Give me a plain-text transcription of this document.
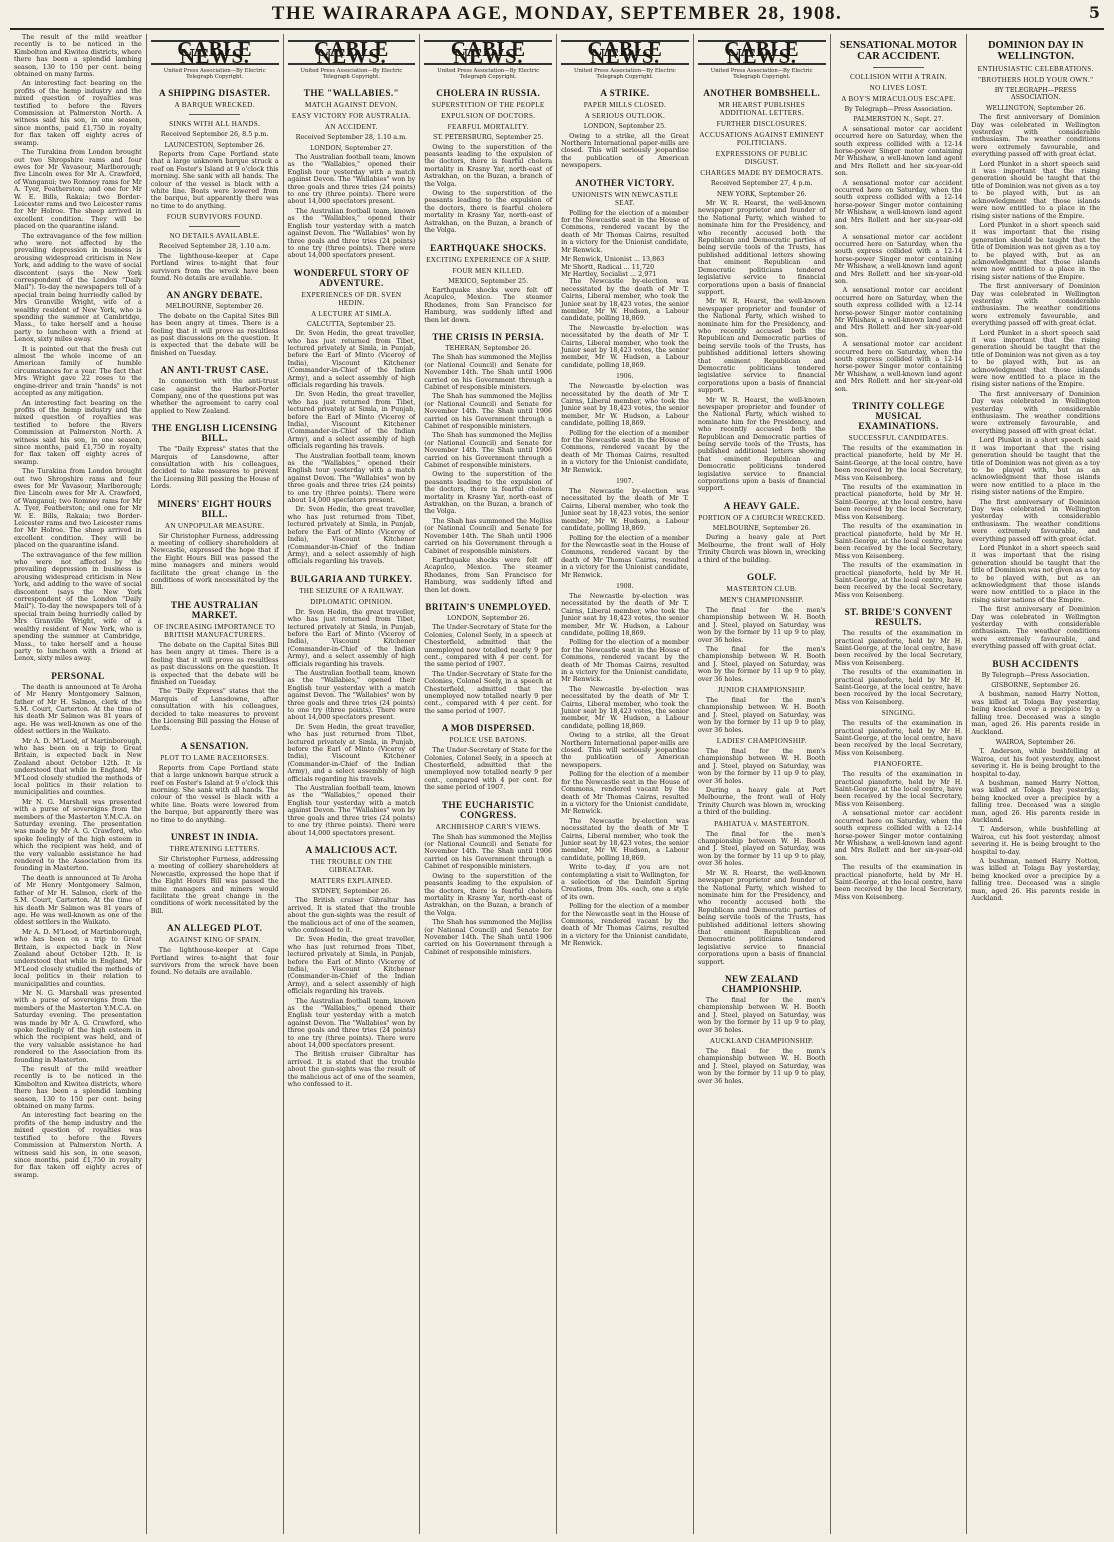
THE WAIRARAPA AGE, MONDAY, SEPTEMBER 28, 1908.	5

The result of the mild weather recently is to be noticed in the Kimbolton and Kiwitea districts, where there has been a splendid lambing season, 130 to 150 per cent. being obtained on many farms.

An interesting fact bearing on the profits of the hemp industry and the mixed question of royalties was testified to before the Rivers Commission at Palmerston North. A witness said his son, in one season, since months, paid £1,750 in royalty for flax taken off eighty acres of swamp.

The Turakina from London brought out two Shropshire rams and four ewes for Mr Vavasour, Marlborough; five Lincoln ewes for Mr A. Crawford, of Wanganui; two Romney rams for Mr A. Tyer, Featherston; and one for Mr W. E. Bills, Rakaia; two Border-Leicester rams and two Leicester rams for Mr Holroe. The sheep arrived in excellent condition. They will be placed on the quarantine island.

The extravagance of the few million who were not affected by the prevailing depression in business is arousing widespread criticism in New York, and adding to the wave of social discontent (says the New York correspondent of the London "Daily Mail"). To-day the newspapers tell of a special train being hurriedly called by Mrs Granville Wright, wife of a wealthy resident of New York, who is spending the summer at Cambridge, Mass., to take herself and a house party to luncheon with a friend at Lenox, sixty miles away.

It is pointed out that the fresh cut almost the whole income of an American family of humble circumstances for a year. The fact that Mrs Wright gave 22 roses to the engine-driver and train "hands" is not accepted as any mitigation.

An interesting fact bearing on the profits of the hemp industry and the mixed question of royalties was testified to before the Rivers Commission at Palmerston North. A witness said his son, in one season, since months, paid £1,750 in royalty for flax taken off eighty acres of swamp.

The Turakina from London brought out two Shropshire rams and four ewes for Mr Vavasour, Marlborough; five Lincoln ewes for Mr A. Crawford, of Wanganui; two Romney rams for Mr A. Tyer, Featherston; and one for Mr W. E. Bills, Rakaia; two Border-Leicester rams and two Leicester rams for Mr Holroe. The sheep arrived in excellent condition. They will be placed on the quarantine island.

The extravagance of the few million who were not affected by the prevailing depression in business is arousing widespread criticism in New York, and adding to the wave of social discontent (says the New York correspondent of the London "Daily Mail"). To-day the newspapers tell of a special train being hurriedly called by Mrs Granville Wright, wife of a wealthy resident of New York, who is spending the summer at Cambridge, Mass., to take herself and a house party to luncheon with a friend at Lenox, sixty miles away.

PERSONAL

The death is announced at Te Aroha of Mr Henry Montgomery Salmon, father of Mr H. Salmon, clerk of the S.M. Court, Carterton. At the time of his death Mr Salmon was 81 years of age. He was well-known as one of the oldest settlers in the Waikato.

Mr A. D. M'Leod, of Martinborough, who has been on a trip to Great Britain, is expected back in New Zealand about October 12th. It is understood that while in England, Mr M'Leod closely studied the methods of local politics in their relation to municipalities and counties.

Mr N. G. Marshall was presented with a purse of sovereigns from the members of the Masterton Y.M.C.A. on Saturday evening. The presentation was made by Mr A. G. Crawford, who spoke feelingly of the high esteem in which the recipient was held, and of the very valuable assistance he had rendered to the Association from its founding in Masterton.

The death is announced at Te Aroha of Mr Henry Montgomery Salmon, father of Mr H. Salmon, clerk of the S.M. Court, Carterton. At the time of his death Mr Salmon was 81 years of age. He was well-known as one of the oldest settlers in the Waikato.

Mr A. D. M'Leod, of Martinborough, who has been on a trip to Great Britain, is expected back in New Zealand about October 12th. It is understood that while in England, Mr M'Leod closely studied the methods of local politics in their relation to municipalities and counties.

Mr N. G. Marshall was presented with a purse of sovereigns from the members of the Masterton Y.M.C.A. on Saturday evening. The presentation was made by Mr A. G. Crawford, who spoke feelingly of the high esteem in which the recipient was held, and of the very valuable assistance he had rendered to the Association from its founding in Masterton.

The result of the mild weather recently is to be noticed in the Kimbolton and Kiwitea districts, where there has been a splendid lambing season, 130 to 150 per cent. being obtained on many farms.

An interesting fact bearing on the profits of the hemp industry and the mixed question of royalties was testified to before the Rivers Commission at Palmerston North. A witness said his son, in one season, since months, paid £1,750 in royalty for flax taken off eighty acres of swamp.

CABLE NEWS.
United Press Association—By Electric Telegraph Copyright.
A SHIPPING DISASTER.
A BARQUE WRECKED.
SINKS WITH ALL HANDS.
Received September 26, 8.5 p.m.
LAUNCESTON, September 26.

Reports from Cape Portland state that a large unknown barque struck a reef on Foster's Island at 9 o'clock this morning. She sank with all hands. The colour of the vessel is black with a white line. Boats were lowered from the barque, but apparently there was no time to do anything.

FOUR SURVIVORS FOUND.
NO DETAILS AVAILABLE.
Received September 28, 1.10 a.m.

The lighthouse-keeper at Cape Portland wires to-night that four survivors from the wreck have been found. No details are available.

AN ANGRY DEBATE.
MELBOURNE, September 26.

The debate on the Capital Sites Bill has been angry at times. There is a feeling that it will prove as resultless as past discussions on the question. It is expected that the debate will be finished on Tuesday.

AN ANTI-TRUST CASE.

In connection with the anti-trust case against the Harbor-Porter Company, one of the questions put was whether the agreement to carry coal applied to New Zealand.

THE ENGLISH LICENSING BILL.

The "Daily Express" states that the Marquis of Lansdowne, after consultation with his colleagues, decided to take measures to prevent the Licensing Bill passing the House of Lords.

MINERS' EIGHT HOURS BILL.
AN UNPOPULAR MEASURE.

Sir Christopher Furness, addressing a meeting of colliery shareholders at Newcastle, expressed the hope that if the Eight Hours Bill was passed the mine managers and miners would facilitate the great change in the conditions of work necessitated by the Bill.

THE AUSTRALIAN MARKET.
OF INCREASING IMPORTANCE TO BRITISH MANUFACTURERS.

The debate on the Capital Sites Bill has been angry at times. There is a feeling that it will prove as resultless as past discussions on the question. It is expected that the debate will be finished on Tuesday.

The "Daily Express" states that the Marquis of Lansdowne, after consultation with his colleagues, decided to take measures to prevent the Licensing Bill passing the House of Lords.

A SENSATION.
PLOT TO LAME RACEHORSES.

Reports from Cape Portland state that a large unknown barque struck a reef on Foster's Island at 9 o'clock this morning. She sank with all hands. The colour of the vessel is black with a white line. Boats were lowered from the barque, but apparently there was no time to do anything.

UNREST IN INDIA.
THREATENING LETTERS.

Sir Christopher Furness, addressing a meeting of colliery shareholders at Newcastle, expressed the hope that if the Eight Hours Bill was passed the mine managers and miners would facilitate the great change in the conditions of work necessitated by the Bill.

AN ALLEGED PLOT.
AGAINST KING OF SPAIN.

The lighthouse-keeper at Cape Portland wires to-night that four survivors from the wreck have been found. No details are available.

CABLE NEWS.
United Press Association—By Electric Telegraph Copyright.
THE "WALLABIES."
MATCH AGAINST DEVON.
EASY VICTORY FOR AUSTRALIA.
AN ACCIDENT.
Received September 28, 1.10 a.m.
LONDON, September 27.

The Australian football team, known as the "Wallabies," opened their English tour yesterday with a match against Devon. The "Wallabies" won by three goals and three tries (24 points) to one try (three points). There were about 14,000 spectators present.

The Australian football team, known as the "Wallabies," opened their English tour yesterday with a match against Devon. The "Wallabies" won by three goals and three tries (24 points) to one try (three points). There were about 14,000 spectators present.

WONDERFUL STORY OF ADVENTURE.
EXPERIENCES OF DR. SVEN HEDIN.
A LECTURE AT SIMLA.
CALCUTTA, September 25.

Dr. Sven Hedin, the great traveller, who has just returned from Tibet, lectured privately at Simla, in Punjab, before the Earl of Minto (Viceroy of India), Viscount Kitchener (Commander-in-Chief of the Indian Army), and a select assembly of high officials regarding his travels.

Dr. Sven Hedin, the great traveller, who has just returned from Tibet, lectured privately at Simla, in Punjab, before the Earl of Minto (Viceroy of India), Viscount Kitchener (Commander-in-Chief of the Indian Army), and a select assembly of high officials regarding his travels.

The Australian football team, known as the "Wallabies," opened their English tour yesterday with a match against Devon. The "Wallabies" won by three goals and three tries (24 points) to one try (three points). There were about 14,000 spectators present.

Dr. Sven Hedin, the great traveller, who has just returned from Tibet, lectured privately at Simla, in Punjab, before the Earl of Minto (Viceroy of India), Viscount Kitchener (Commander-in-Chief of the Indian Army), and a select assembly of high officials regarding his travels.

BULGARIA AND TURKEY.
THE SEIZURE OF A RAILWAY.
DIPLOMATIC OPINION.

Dr. Sven Hedin, the great traveller, who has just returned from Tibet, lectured privately at Simla, in Punjab, before the Earl of Minto (Viceroy of India), Viscount Kitchener (Commander-in-Chief of the Indian Army), and a select assembly of high officials regarding his travels.

The Australian football team, known as the "Wallabies," opened their English tour yesterday with a match against Devon. The "Wallabies" won by three goals and three tries (24 points) to one try (three points). There were about 14,000 spectators present.

Dr. Sven Hedin, the great traveller, who has just returned from Tibet, lectured privately at Simla, in Punjab, before the Earl of Minto (Viceroy of India), Viscount Kitchener (Commander-in-Chief of the Indian Army), and a select assembly of high officials regarding his travels.

The Australian football team, known as the "Wallabies," opened their English tour yesterday with a match against Devon. The "Wallabies" won by three goals and three tries (24 points) to one try (three points). There were about 14,000 spectators present.

A MALICIOUS ACT.
THE TROUBLE ON THE GIBRALTAR.
MATTERS EXPLAINED.
SYDNEY, September 26.

The British cruiser Gibraltar has arrived. It is stated that the trouble about the gun-sights was the result of the malicious act of one of the seamen, who confessed to it.

Dr. Sven Hedin, the great traveller, who has just returned from Tibet, lectured privately at Simla, in Punjab, before the Earl of Minto (Viceroy of India), Viscount Kitchener (Commander-in-Chief of the Indian Army), and a select assembly of high officials regarding his travels.

The Australian football team, known as the "Wallabies," opened their English tour yesterday with a match against Devon. The "Wallabies" won by three goals and three tries (24 points) to one try (three points). There were about 14,000 spectators present.

The British cruiser Gibraltar has arrived. It is stated that the trouble about the gun-sights was the result of the malicious act of one of the seamen, who confessed to it.

CABLE NEWS.
United Press Association—By Electric Telegraph Copyright.
CHOLERA IN RUSSIA.
SUPERSTITION OF THE PEOPLE
EXPULSION OF DOCTORS.
FEARFUL MORTALITY.
ST. PETERSBURG, September 25.

Owing to the superstition of the peasants leading to the expulsion of the doctors, there is fearful cholera mortality in Krasny Yar, north-east of Astrakhan, on the Buzan, a branch of the Volga.

Owing to the superstition of the peasants leading to the expulsion of the doctors, there is fearful cholera mortality in Krasny Yar, north-east of Astrakhan, on the Buzan, a branch of the Volga.

EARTHQUAKE SHOCKS.
EXCITING EXPERIENCE OF A SHIP.
FOUR MEN KILLED.
MEXICO, September 25.

Earthquake shocks were felt off Acapulco, Mexico. The steamer Rhodanes, from San Francisco for Hamburg, was suddenly lifted and then let down.

THE CRISIS IN PERSIA.
TEHERAN, September 26.

The Shah has summoned the Mejliss (or National Council) and Senate for November 14th. The Shah until 1906 carried on his Government through a Cabinet of responsible ministers.

The Shah has summoned the Mejliss (or National Council) and Senate for November 14th. The Shah until 1906 carried on his Government through a Cabinet of responsible ministers.

The Shah has summoned the Mejliss (or National Council) and Senate for November 14th. The Shah until 1906 carried on his Government through a Cabinet of responsible ministers.

Owing to the superstition of the peasants leading to the expulsion of the doctors, there is fearful cholera mortality in Krasny Yar, north-east of Astrakhan, on the Buzan, a branch of the Volga.

The Shah has summoned the Mejliss (or National Council) and Senate for November 14th. The Shah until 1906 carried on his Government through a Cabinet of responsible ministers.

Earthquake shocks were felt off Acapulco, Mexico. The steamer Rhodanes, from San Francisco for Hamburg, was suddenly lifted and then let down.

BRITAIN'S UNEMPLOYED.
LONDON, September 26.

The Under-Secretary of State for the Colonies, Colonel Seely, in a speech at Chesterfield, admitted that the unemployed now totalled nearly 9 per cent., compared with 4 per cent. for the same period of 1907.

The Under-Secretary of State for the Colonies, Colonel Seely, in a speech at Chesterfield, admitted that the unemployed now totalled nearly 9 per cent., compared with 4 per cent. for the same period of 1907.

A MOB DISPERSED.
POLICE USE BATONS.

The Under-Secretary of State for the Colonies, Colonel Seely, in a speech at Chesterfield, admitted that the unemployed now totalled nearly 9 per cent., compared with 4 per cent. for the same period of 1907.

THE EUCHARISTIC CONGRESS.
ARCHBISHOP CARR'S VIEWS.

The Shah has summoned the Mejliss (or National Council) and Senate for November 14th. The Shah until 1906 carried on his Government through a Cabinet of responsible ministers.

Owing to the superstition of the peasants leading to the expulsion of the doctors, there is fearful cholera mortality in Krasny Yar, north-east of Astrakhan, on the Buzan, a branch of the Volga.

The Shah has summoned the Mejliss (or National Council) and Senate for November 14th. The Shah until 1906 carried on his Government through a Cabinet of responsible ministers.

CABLE NEWS.
United Press Association—By Electric Telegraph Copyright.
A STRIKE.
PAPER MILLS CLOSED.
A SERIOUS OUTLOOK.
LONDON, September 25.

Owing to a strike, all the Great Northern International paper-mills are closed. This will seriously jeopardise the publication of American newspapers.

ANOTHER VICTORY.
UNIONISTS WIN NEWCASTLE SEAT.

Polling for the election of a member for the Newcastle seat in the House of Commons, rendered vacant by the death of Mr Thomas Cairns, resulted in a victory for the Unionist candidate, Mr Renwick.

Mr Renwick, Unionist ... 13,863
Mr Shortt, Radical ... 11,720
Mr Hartley, Socialist ... 2,971

The Newcastle by-election was necessitated by the death of Mr T. Cairns, Liberal member, who took the Junior seat by 18,423 votes, the senior member, Mr W. Hudson, a Labour candidate, polling 18,869.

The Newcastle by-election was necessitated by the death of Mr T. Cairns, Liberal member, who took the Junior seat by 18,423 votes, the senior member, Mr W. Hudson, a Labour candidate, polling 18,869.

1906.

The Newcastle by-election was necessitated by the death of Mr T. Cairns, Liberal member, who took the Junior seat by 18,423 votes, the senior member, Mr W. Hudson, a Labour candidate, polling 18,869.

Polling for the election of a member for the Newcastle seat in the House of Commons, rendered vacant by the death of Mr Thomas Cairns, resulted in a victory for the Unionist candidate, Mr Renwick.

1907.

The Newcastle by-election was necessitated by the death of Mr T. Cairns, Liberal member, who took the Junior seat by 18,423 votes, the senior member, Mr W. Hudson, a Labour candidate, polling 18,869.

Polling for the election of a member for the Newcastle seat in the House of Commons, rendered vacant by the death of Mr Thomas Cairns, resulted in a victory for the Unionist candidate, Mr Renwick.

1908.

The Newcastle by-election was necessitated by the death of Mr T. Cairns, Liberal member, who took the Junior seat by 18,423 votes, the senior member, Mr W. Hudson, a Labour candidate, polling 18,869.

Polling for the election of a member for the Newcastle seat in the House of Commons, rendered vacant by the death of Mr Thomas Cairns, resulted in a victory for the Unionist candidate, Mr Renwick.

The Newcastle by-election was necessitated by the death of Mr T. Cairns, Liberal member, who took the Junior seat by 18,423 votes, the senior member, Mr W. Hudson, a Labour candidate, polling 18,869.

Owing to a strike, all the Great Northern International paper-mills are closed. This will seriously jeopardise the publication of American newspapers.

Polling for the election of a member for the Newcastle seat in the House of Commons, rendered vacant by the death of Mr Thomas Cairns, resulted in a victory for the Unionist candidate, Mr Renwick.

The Newcastle by-election was necessitated by the death of Mr T. Cairns, Liberal member, who took the Junior seat by 18,423 votes, the senior member, Mr W. Hudson, a Labour candidate, polling 18,869.

Write to-day, if you are not contemplating a visit to Wellington, for a selection of the Dainfelt Spring Creations, from 30s. each, one a style of its own.

Polling for the election of a member for the Newcastle seat in the House of Commons, rendered vacant by the death of Mr Thomas Cairns, resulted in a victory for the Unionist candidate, Mr Renwick.

CABLE NEWS.
United Press Association—By Electric Telegraph Copyright.
ANOTHER BOMBSHELL.
MR HEARST PUBLISHES ADDITIONAL LETTERS.
FURTHER DISCLOSURES.
ACCUSATIONS AGAINST EMINENT POLITICIANS.
EXPRESSIONS OF PUBLIC DISGUST.
CHARGES MADE BY DEMOCRATS.
Received September 27, 4 p.m.
NEW YORK, September 26.

Mr W. R. Hearst, the well-known newspaper proprietor and founder of the National Party, which wished to nominate him for the Presidency, and who recently accused both the Republican and Democratic parties of being servile tools of the Trusts, has published additional letters showing that eminent Republican and Democratic politicians tendered legislative service to financial corporations upon a basis of financial support.

Mr W. R. Hearst, the well-known newspaper proprietor and founder of the National Party, which wished to nominate him for the Presidency, and who recently accused both the Republican and Democratic parties of being servile tools of the Trusts, has published additional letters showing that eminent Republican and Democratic politicians tendered legislative service to financial corporations upon a basis of financial support.

Mr W. R. Hearst, the well-known newspaper proprietor and founder of the National Party, which wished to nominate him for the Presidency, and who recently accused both the Republican and Democratic parties of being servile tools of the Trusts, has published additional letters showing that eminent Republican and Democratic politicians tendered legislative service to financial corporations upon a basis of financial support.

A HEAVY GALE.
PORTION OF A CHURCH WRECKED.
MELBOURNE, September 26.

During a heavy gale at Port Melbourne, the front wall of Holy Trinity Church was blown in, wrecking a third of the building.

GOLF.
MASTERTON CLUB.
MEN'S CHAMPIONSHIP.

The final for the men's championship between W. H. Booth and J. Steel, played on Saturday, was won by the former by 11 up 9 to play, over 36 holes.

The final for the men's championship between W. H. Booth and J. Steel, played on Saturday, was won by the former by 11 up 9 to play, over 36 holes.

JUNIOR CHAMPIONSHIP.

The final for the men's championship between W. H. Booth and J. Steel, played on Saturday, was won by the former by 11 up 9 to play, over 36 holes.

LADIES' CHAMPIONSHIP.

The final for the men's championship between W. H. Booth and J. Steel, played on Saturday, was won by the former by 11 up 9 to play, over 36 holes.

During a heavy gale at Port Melbourne, the front wall of Holy Trinity Church was blown in, wrecking a third of the building.

PAHIATUA v. MASTERTON.

The final for the men's championship between W. H. Booth and J. Steel, played on Saturday, was won by the former by 11 up 9 to play, over 36 holes.

Mr W. R. Hearst, the well-known newspaper proprietor and founder of the National Party, which wished to nominate him for the Presidency, and who recently accused both the Republican and Democratic parties of being servile tools of the Trusts, has published additional letters showing that eminent Republican and Democratic politicians tendered legislative service to financial corporations upon a basis of financial support.

NEW ZEALAND CHAMPIONSHIP.

The final for the men's championship between W. H. Booth and J. Steel, played on Saturday, was won by the former by 11 up 9 to play, over 36 holes.

AUCKLAND CHAMPIONSHIP.

The final for the men's championship between W. H. Booth and J. Steel, played on Saturday, was won by the former by 11 up 9 to play, over 36 holes.

SENSATIONAL MOTOR CAR ACCIDENT.
COLLISION WITH A TRAIN.
NO LIVES LOST.
A BOY'S MIRACULOUS ESCAPE.
By Telegraph—Press Association.
PALMERSTON N., Sept. 27.

A sensational motor car accident occurred here on Saturday, when the south express collided with a 12-14 horse-power Singer motor containing Mr Whishaw, a well-known land agent and Mrs Rollett and her six-year-old son.

A sensational motor car accident occurred here on Saturday, when the south express collided with a 12-14 horse-power Singer motor containing Mr Whishaw, a well-known land agent and Mrs Rollett and her six-year-old son.

A sensational motor car accident occurred here on Saturday, when the south express collided with a 12-14 horse-power Singer motor containing Mr Whishaw, a well-known land agent and Mrs Rollett and her six-year-old son.

A sensational motor car accident occurred here on Saturday, when the south express collided with a 12-14 horse-power Singer motor containing Mr Whishaw, a well-known land agent and Mrs Rollett and her six-year-old son.

A sensational motor car accident occurred here on Saturday, when the south express collided with a 12-14 horse-power Singer motor containing Mr Whishaw, a well-known land agent and Mrs Rollett and her six-year-old son.

TRINITY COLLEGE MUSICAL EXAMINATIONS.
SUCCESSFUL CANDIDATES.

The results of the examination in practical pianoforte, held by Mr H. Saint-George, at the local centre, have been received by the local Secretary, Miss von Keisenberg.

The results of the examination in practical pianoforte, held by Mr H. Saint-George, at the local centre, have been received by the local Secretary, Miss von Keisenberg.

The results of the examination in practical pianoforte, held by Mr H. Saint-George, at the local centre, have been received by the local Secretary, Miss von Keisenberg.

The results of the examination in practical pianoforte, held by Mr H. Saint-George, at the local centre, have been received by the local Secretary, Miss von Keisenberg.

ST. BRIDE'S CONVENT RESULTS.

The results of the examination in practical pianoforte, held by Mr H. Saint-George, at the local centre, have been received by the local Secretary, Miss von Keisenberg.

The results of the examination in practical pianoforte, held by Mr H. Saint-George, at the local centre, have been received by the local Secretary, Miss von Keisenberg.

SINGING.

The results of the examination in practical pianoforte, held by Mr H. Saint-George, at the local centre, have been received by the local Secretary, Miss von Keisenberg.

PIANOFORTE.

The results of the examination in practical pianoforte, held by Mr H. Saint-George, at the local centre, have been received by the local Secretary, Miss von Keisenberg.

A sensational motor car accident occurred here on Saturday, when the south express collided with a 12-14 horse-power Singer motor containing Mr Whishaw, a well-known land agent and Mrs Rollett and her six-year-old son.

The results of the examination in practical pianoforte, held by Mr H. Saint-George, at the local centre, have been received by the local Secretary, Miss von Keisenberg.

DOMINION DAY IN WELLINGTON.
ENTHUSIASTIC CELEBRATIONS.
"BROTHERS HOLD YOUR OWN."
BY TELEGRAPH—PRESS ASSOCIATION.
WELLINGTON, September 26.

The first anniversary of Dominion Day was celebrated in Wellington yesterday with considerable enthusiasm. The weather conditions were extremely favourable, and everything passed off with great éclat.

Lord Plunket in a short speech said it was important that the rising generation should be taught that the title of Dominion was not given as a toy to be played with, but as an acknowledgment that those islands were now entitled to a place in the rising sister nations of the Empire.

Lord Plunket in a short speech said it was important that the rising generation should be taught that the title of Dominion was not given as a toy to be played with, but as an acknowledgment that those islands were now entitled to a place in the rising sister nations of the Empire.

The first anniversary of Dominion Day was celebrated in Wellington yesterday with considerable enthusiasm. The weather conditions were extremely favourable, and everything passed off with great éclat.

Lord Plunket in a short speech said it was important that the rising generation should be taught that the title of Dominion was not given as a toy to be played with, but as an acknowledgment that those islands were now entitled to a place in the rising sister nations of the Empire.

The first anniversary of Dominion Day was celebrated in Wellington yesterday with considerable enthusiasm. The weather conditions were extremely favourable, and everything passed off with great éclat.

Lord Plunket in a short speech said it was important that the rising generation should be taught that the title of Dominion was not given as a toy to be played with, but as an acknowledgment that those islands were now entitled to a place in the rising sister nations of the Empire.

The first anniversary of Dominion Day was celebrated in Wellington yesterday with considerable enthusiasm. The weather conditions were extremely favourable, and everything passed off with great éclat.

Lord Plunket in a short speech said it was important that the rising generation should be taught that the title of Dominion was not given as a toy to be played with, but as an acknowledgment that those islands were now entitled to a place in the rising sister nations of the Empire.

The first anniversary of Dominion Day was celebrated in Wellington yesterday with considerable enthusiasm. The weather conditions were extremely favourable, and everything passed off with great éclat.

BUSH ACCIDENTS
By Telegraph—Press Association.
GISBORNE, September 26.

A bushman, named Harry Notton, was killed at Tolaga Bay yesterday, being knocked over a precipice by a falling tree. Deceased was a single man, aged 26. His parents reside in Auckland.

WAIROA, September 26.

T. Anderson, while bushfelling at Wairoa, cut his foot yesterday, almost severing it. He is being brought to the hospital to-day.

A bushman, named Harry Notton, was killed at Tolaga Bay yesterday, being knocked over a precipice by a falling tree. Deceased was a single man, aged 26. His parents reside in Auckland.

T. Anderson, while bushfelling at Wairoa, cut his foot yesterday, almost severing it. He is being brought to the hospital to-day.

A bushman, named Harry Notton, was killed at Tolaga Bay yesterday, being knocked over a precipice by a falling tree. Deceased was a single man, aged 26. His parents reside in Auckland.
